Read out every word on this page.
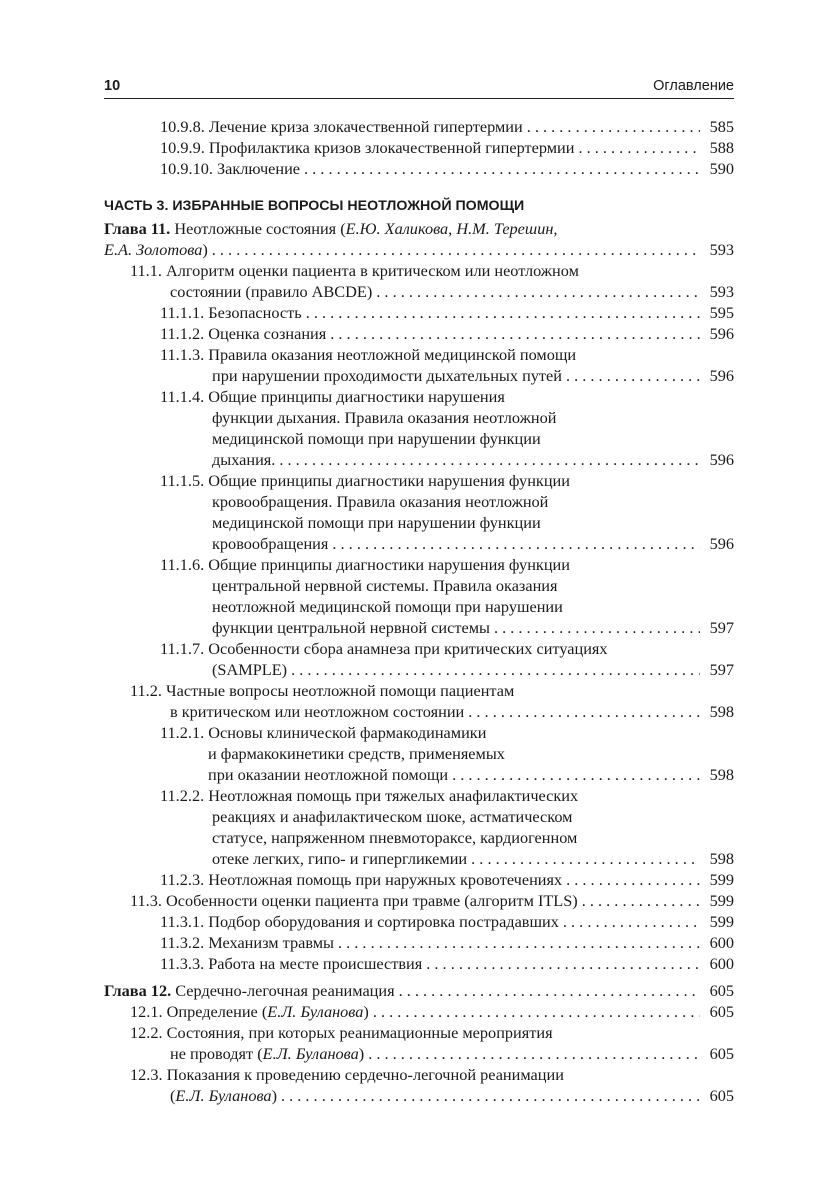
10	Оглавление
10.9.8. Лечение криза злокачественной гипертермии . . .	585
10.9.9. Профилактика кризов злокачественной гипертермии . . .	588
10.9.10. Заключение . . .	590
ЧАСТЬ 3. ИЗБРАННЫЕ ВОПРОСЫ НЕОТЛОЖНОЙ ПОМОЩИ
Глава 11. Неотложные состояния (Е.Ю. Халикова, Н.М. Терешин,
Е.А. Золотова) . . .	593
11.1. Алгоритм оценки пациента в критическом или неотложном
состоянии (правило ABCDE) . . .	593
11.1.1. Безопасность . . .	595
11.1.2. Оценка сознания . . .	596
11.1.3. Правила оказания неотложной медицинской помощи
при нарушении проходимости дыхательных путей . . .	596
11.1.4. Общие принципы диагностики нарушения
функции дыхания. Правила оказания неотложной
медицинской помощи при нарушении функции
дыхания. . . .	596
11.1.5. Общие принципы диагностики нарушения функции
кровообращения. Правила оказания неотложной
медицинской помощи при нарушении функции
кровообращения . . .	596
11.1.6. Общие принципы диагностики нарушения функции
центральной нервной системы. Правила оказания
неотложной медицинской помощи при нарушении
функции центральной нервной системы . . .	597
11.1.7. Особенности сбора анамнеза при критических ситуациях
(SAMPLE) . . .	597
11.2. Частные вопросы неотложной помощи пациентам
в критическом или неотложном состоянии . . .	598
11.2.1. Основы клинической фармакодинамики
и фармакокинетики средств, применяемых
при оказании неотложной помощи . . .	598
11.2.2. Неотложная помощь при тяжелых анафилактических
реакциях и анафилактическом шоке, астматическом
статусе, напряженном пневмотораксе, кардиогенном
отеке легких, гипо- и гипергликемии . . .	598
11.2.3. Неотложная помощь при наружных кровотечениях . . .	599
11.3. Особенности оценки пациента при травме (алгоритм ITLS) . . .	599
11.3.1. Подбор оборудования и сортировка пострадавших . . .	599
11.3.2. Механизм травмы . . .	600
11.3.3. Работа на месте происшествия . . .	600
Глава 12. Сердечно-легочная реанимация . . .	605
12.1. Определение (Е.Л. Буланова) . . .	605
12.2. Состояния, при которых реанимационные мероприятия
не проводят (Е.Л. Буланова) . . .	605
12.3. Показания к проведению сердечно-легочной реанимации
(Е.Л. Буланова) . . .	605
